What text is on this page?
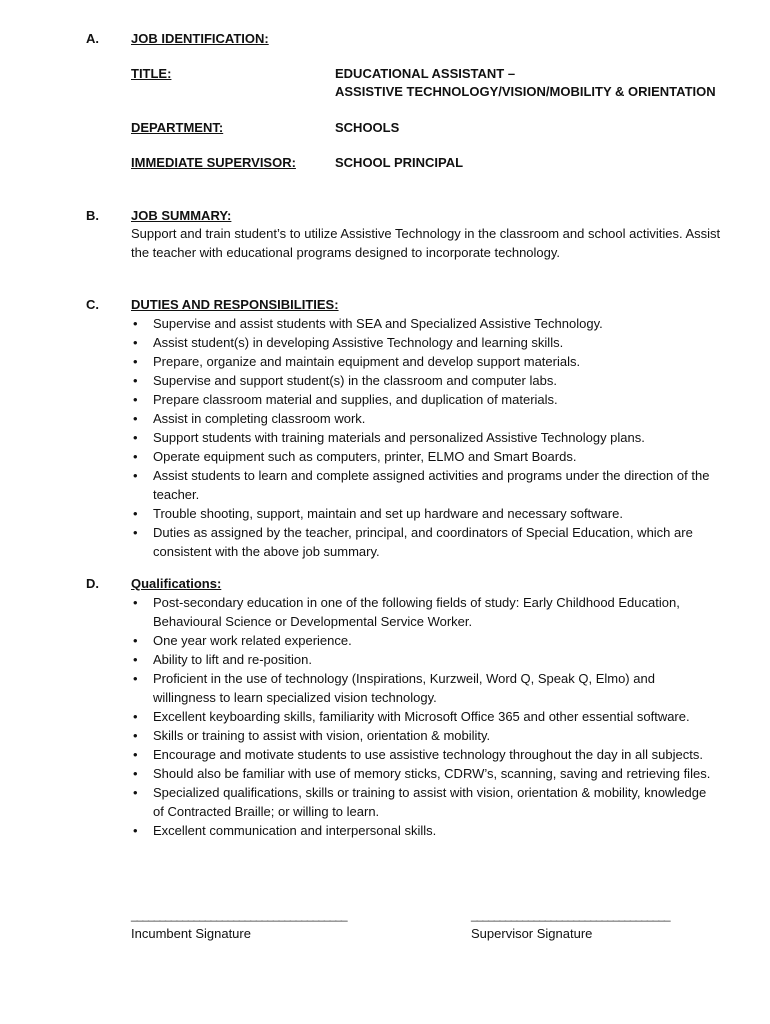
A. JOB IDENTIFICATION:
TITLE:	EDUCATIONAL ASSISTANT –
ASSISTIVE TECHNOLOGY/VISION/MOBILITY & ORIENTATION
DEPARTMENT:	SCHOOLS
IMMEDIATE SUPERVISOR:	SCHOOL PRINCIPAL
B. JOB SUMMARY:
Support and train student’s to utilize Assistive Technology in the classroom and school activities. Assist
the teacher with educational programs designed to incorporate technology.
C. DUTIES AND RESPONSIBILITIES:
• Supervise and assist students with SEA and Specialized Assistive Technology.
• Assist student(s) in developing Assistive Technology and learning skills.
• Prepare, organize and maintain equipment and develop support materials.
• Supervise and support student(s) in the classroom and computer labs.
• Prepare classroom material and supplies, and duplication of materials.
• Assist in completing classroom work.
• Support students with training materials and personalized Assistive Technology plans.
• Operate equipment such as computers, printer, ELMO and Smart Boards.
• Assist students to learn and complete assigned activities and programs under the direction of the teacher.
• Trouble shooting, support, maintain and set up hardware and necessary software.
• Duties as assigned by the teacher, principal, and coordinators of Special Education, which are consistent with the above job summary.
D. Qualifications:
• Post-secondary education in one of the following fields of study: Early Childhood Education, Behavioural Science or Developmental Service Worker.
• One year work related experience.
• Ability to lift and re-position.
• Proficient in the use of technology (Inspirations, Kurzweil, Word Q, Speak Q, Elmo) and willingness to learn specialized vision technology.
• Excellent keyboarding skills, familiarity with Microsoft Office 365 and other essential software.
• Skills or training to assist with vision, orientation & mobility.
• Encourage and motivate students to use assistive technology throughout the day in all subjects.
• Should also be familiar with use of memory sticks, CDRW’s, scanning, saving and retrieving files.
• Specialized qualifications, skills or training to assist with vision, orientation & mobility, knowledge of Contracted Braille; or willing to learn.
• Excellent communication and interpersonal skills.
______________________________________
Incumbent Signature
___________________________________
Supervisor Signature
